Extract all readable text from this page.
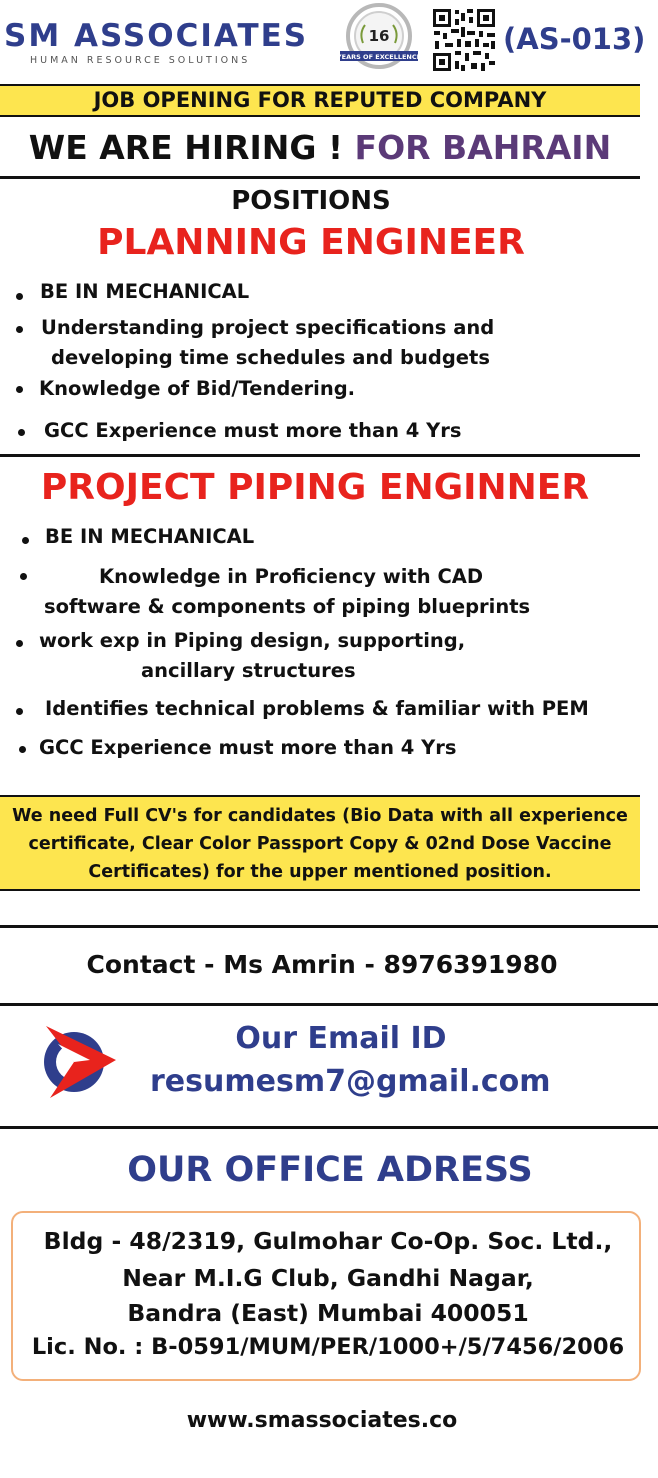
SM ASSOCIATES
HUMAN RESOURCE SOLUTIONS
16
YEARS OF EXCELLENCE
(AS-013)
JOB OPENING FOR REPUTED COMPANY
WE ARE HIRING ! FOR BAHRAIN
POSITIONS
PLANNING ENGINEER
BE IN MECHANICAL
Understanding project specifications and
developing time schedules and budgets
Knowledge of Bid/Tendering.
GCC Experience must more than 4 Yrs
PROJECT PIPING ENGINNER
BE IN MECHANICAL
Knowledge in Proficiency with CAD
software & components of piping blueprints
work exp in Piping design, supporting,
ancillary structures
Identifies technical problems & familiar with PEM
GCC Experience must more than 4 Yrs
We need Full CV's for candidates (Bio Data with all experience
certificate, Clear Color Passport Copy & 02nd Dose Vaccine
Certificates) for the upper mentioned position.
Contact - Ms Amrin - 8976391980
Our Email ID
resumesm7@gmail.com
OUR OFFICE ADRESS
Bldg - 48/2319, Gulmohar Co-Op. Soc. Ltd.,
Near M.I.G Club, Gandhi Nagar,
Bandra (East) Mumbai 400051
Lic. No. : B-0591/MUM/PER/1000+/5/7456/2006
www.smassociates.co
